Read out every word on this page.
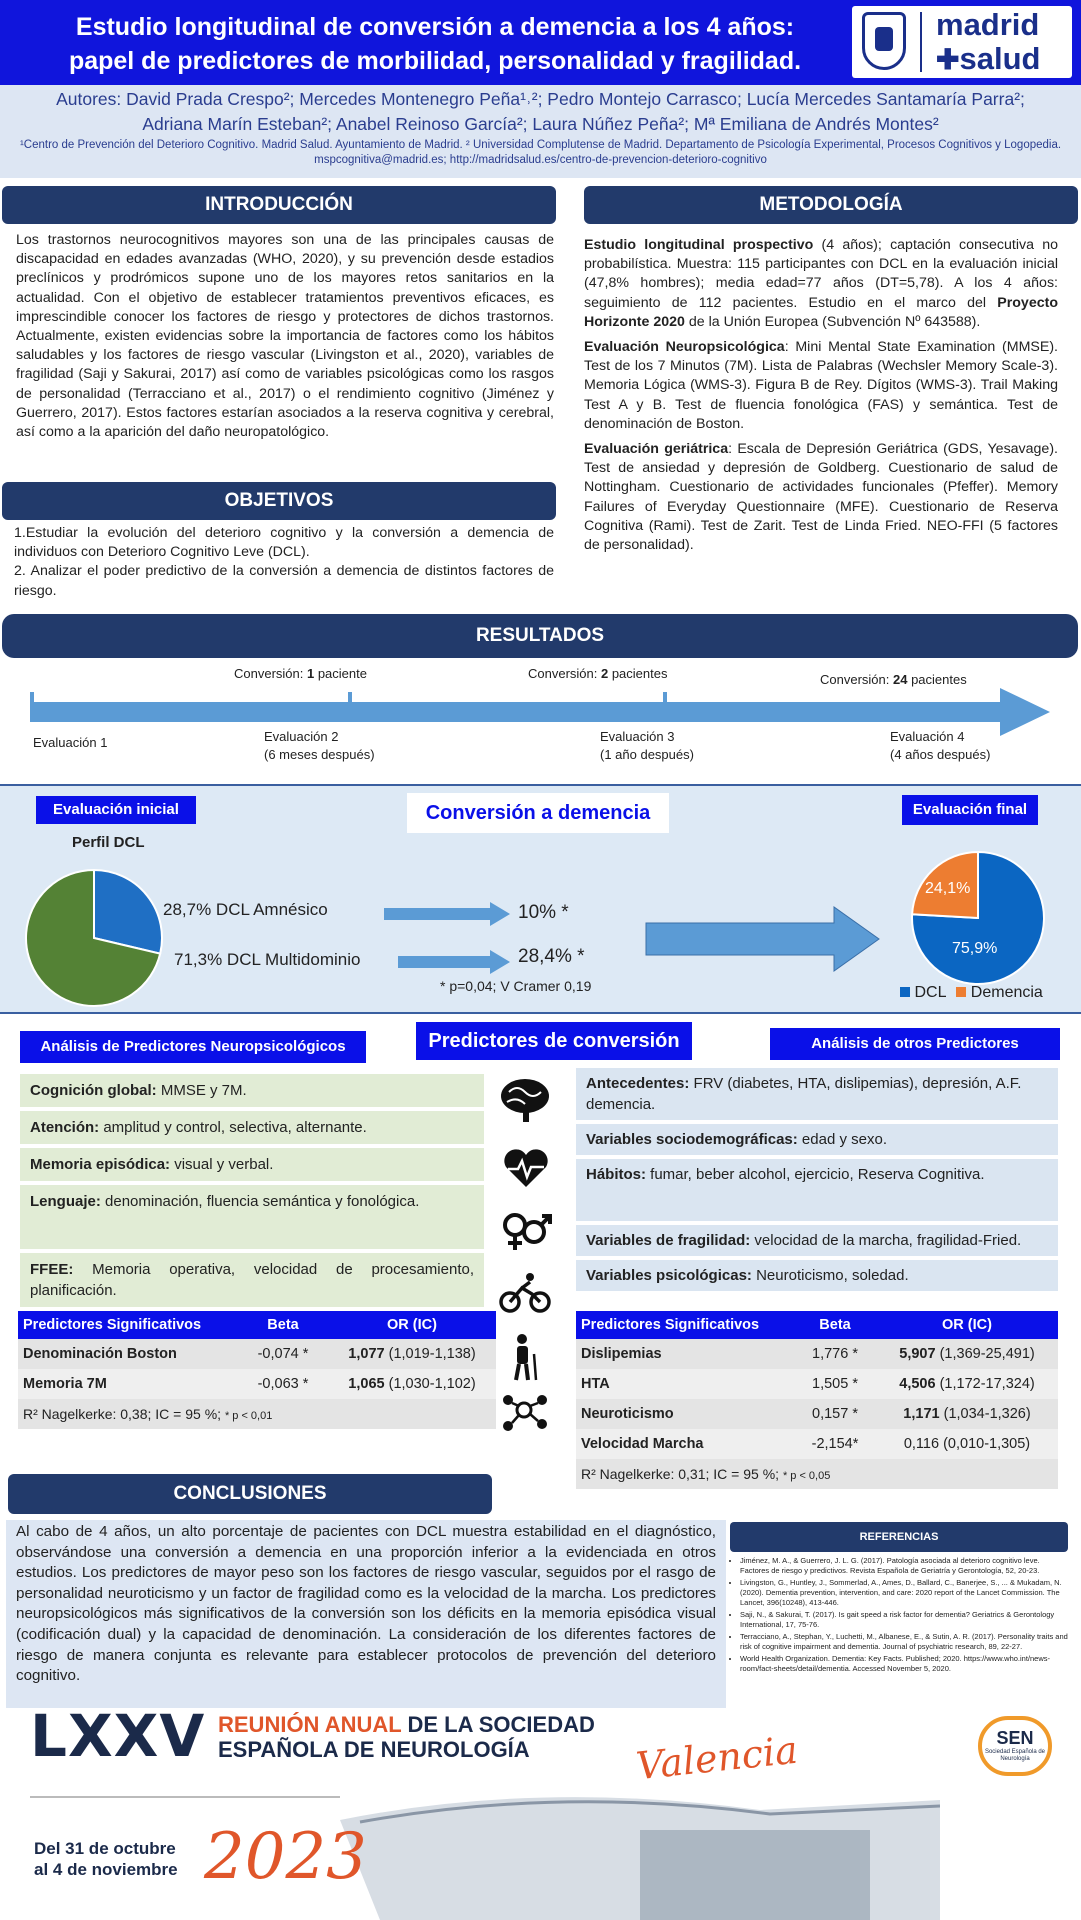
Estudio longitudinal de conversión a demencia a los 4 años:
papel de predictores de morbilidad, personalidad y fragilidad.
madrid
✚salud
Autores: David Prada Crespo²; Mercedes Montenegro Peña¹˒²; Pedro Montejo Carrasco; Lucía Mercedes Santamaría Parra²;
Adriana Marín Esteban²; Anabel Reinoso García²; Laura Núñez Peña²; Mª Emiliana de Andrés Montes²
¹Centro de Prevención del Deterioro Cognitivo. Madrid Salud. Ayuntamiento de Madrid. ² Universidad Complutense de Madrid. Departamento de Psicología Experimental, Procesos Cognitivos y Logopedia. mspcognitiva@madrid.es; http://madridsalud.es/centro-de-prevencion-deterioro-cognitivo
INTRODUCCIÓN
Los trastornos neurocognitivos mayores son una de las principales causas de discapacidad en edades avanzadas (WHO, 2020), y su prevención desde estadios preclínicos y prodrómicos supone uno de los mayores retos sanitarios en la actualidad. Con el objetivo de establecer tratamientos preventivos eficaces, es imprescindible conocer los factores de riesgo y protectores de dichos trastornos. Actualmente, existen evidencias sobre la importancia de factores como los hábitos saludables y los factores de riesgo vascular (Livingston et al., 2020), variables de fragilidad (Saji y Sakurai, 2017) así como de variables psicológicas como los rasgos de personalidad (Terracciano et al., 2017) o el rendimiento cognitivo (Jiménez y Guerrero, 2017). Estos factores estarían asociados a la reserva cognitiva y cerebral, así como a la aparición del daño neuropatológico.
OBJETIVOS
1.Estudiar la evolución del deterioro cognitivo y la conversión a demencia de individuos con Deterioro Cognitivo Leve (DCL).
2. Analizar el poder predictivo de la conversión a demencia de distintos factores de riesgo.
METODOLOGÍA
Estudio longitudinal prospectivo (4 años); captación consecutiva no probabilística. Muestra: 115 participantes con DCL en la evaluación inicial (47,8% hombres); media edad=77 años (DT=5,78). A los 4 años: seguimiento de 112 pacientes. Estudio en el marco del Proyecto Horizonte 2020 de la Unión Europea (Subvención Nº 643588).
Evaluación Neuropsicológica: Mini Mental State Examination (MMSE). Test de los 7 Minutos (7M). Lista de Palabras (Wechsler Memory Scale-3). Memoria Lógica (WMS-3). Figura B de Rey. Dígitos (WMS-3). Trail Making Test A y B. Test de fluencia fonológica (FAS) y semántica. Test de denominación de Boston.
Evaluación geriátrica: Escala de Depresión Geriátrica (GDS, Yesavage). Test de ansiedad y depresión de Goldberg. Cuestionario de salud de Nottingham. Cuestionario de actividades funcionales (Pfeffer). Memory Failures of Everyday Questionnaire (MFE). Cuestionario de Reserva Cognitiva (Rami). Test de Zarit. Test de Linda Fried. NEO-FFI (5 factores de personalidad).
RESULTADOS
Conversión: 1 paciente	Conversión: 2 pacientes	Conversión: 24 pacientes
Evaluación 1	Evaluación 2
(6 meses después)
Evaluación 3
(1 año después)
Evaluación 4
(4 años después)
Evaluación inicial
Perfil DCL
Conversión a demencia	Evaluación final
28,7% DCL Amnésico
71,3% DCL Multidominio
10% *
28,4% *
* p=0,04; V Cramer 0,19
24,1%
75,9%
DCL Demencia
Análisis de Predictores Neuropsicológicos	Predictores de conversión	Análisis de otros Predictores
Cognición global: MMSE y 7M.
Atención: amplitud y control, selectiva, alternante.
Memoria episódica: visual y verbal.
Lenguaje: denominación, fluencia semántica y fonológica.
FFEE: Memoria operativa, velocidad de procesamiento, planificación.
Antecedentes: FRV (diabetes, HTA, dislipemias), depresión, A.F. demencia.
Variables sociodemográficas: edad y sexo.
Hábitos: fumar, beber alcohol, ejercicio, Reserva Cognitiva.
Variables de fragilidad: velocidad de la marcha, fragilidad-Fried.
Variables psicológicas: Neuroticismo, soledad.
Predictores Significativos	Beta	OR (IC)
Denominación Boston	-0,074 *	1,077 (1,019-1,138)
Memoria 7M	-0,063 *	1,065 (1,030-1,102)
R² Nagelkerke: 0,38; IC = 95 %; * p < 0,01		
Predictores Significativos	Beta	OR (IC)
Dislipemias	1,776 *	5,907 (1,369-25,491)
HTA	1,505 *	4,506 (1,172-17,324)
Neuroticismo	0,157 *	1,171 (1,034-1,326)
Velocidad Marcha	-2,154*	0,116 (0,010-1,305)
R² Nagelkerke: 0,31; IC = 95 %; * p < 0,05		
CONCLUSIONES
Al cabo de 4 años, un alto porcentaje de pacientes con DCL muestra estabilidad en el diagnóstico, observándose una conversión a demencia en una proporción inferior a la evidenciada en otros estudios. Los predictores de mayor peso son los factores de riesgo vascular, seguidos por el rasgo de personalidad neuroticismo y un factor de fragilidad como es la velocidad de la marcha. Los predictores neuropsicológicos más significativos de la conversión son los déficits en la memoria episódica visual (codificación dual) y la capacidad de denominación. La consideración de los diferentes factores de riesgo de manera conjunta es relevante para establecer protocolos de prevención del deterioro cognitivo.
REFERENCIAS
• Jiménez, M. A., & Guerrero, J. L. G. (2017). Patología asociada al deterioro cognitivo leve. Factores de riesgo y predictivos. Revista Española de Geriatría y Gerontología, 52, 20-23.
• Livingston, G., Huntley, J., Sommerlad, A., Ames, D., Ballard, C., Banerjee, S., ... & Mukadam, N. (2020). Dementia prevention, intervention, and care: 2020 report of the Lancet Commission. The Lancet, 396(10248), 413-446.
• Saji, N., & Sakurai, T. (2017). Is gait speed a risk factor for dementia? Geriatrics & Gerontology International, 17, 75-76.
• Terracciano, A., Stephan, Y., Luchetti, M., Albanese, E., & Sutin, A. R. (2017). Personality traits and risk of cognitive impairment and dementia. Journal of psychiatric research, 89, 22-27.
• World Health Organization. Dementia: Key Facts. Published; 2020. https://www.who.int/news-room/fact-sheets/detail/dementia. Accessed November 5, 2020.
LXXV REUNIÓN ANUAL DE LA SOCIEDAD
ESPAÑOLA DE NEUROLOGÍA	Valencia
Del 31 de octubre
al 4 de noviembre 2023
SEN
Sociedad Española de Neurología
